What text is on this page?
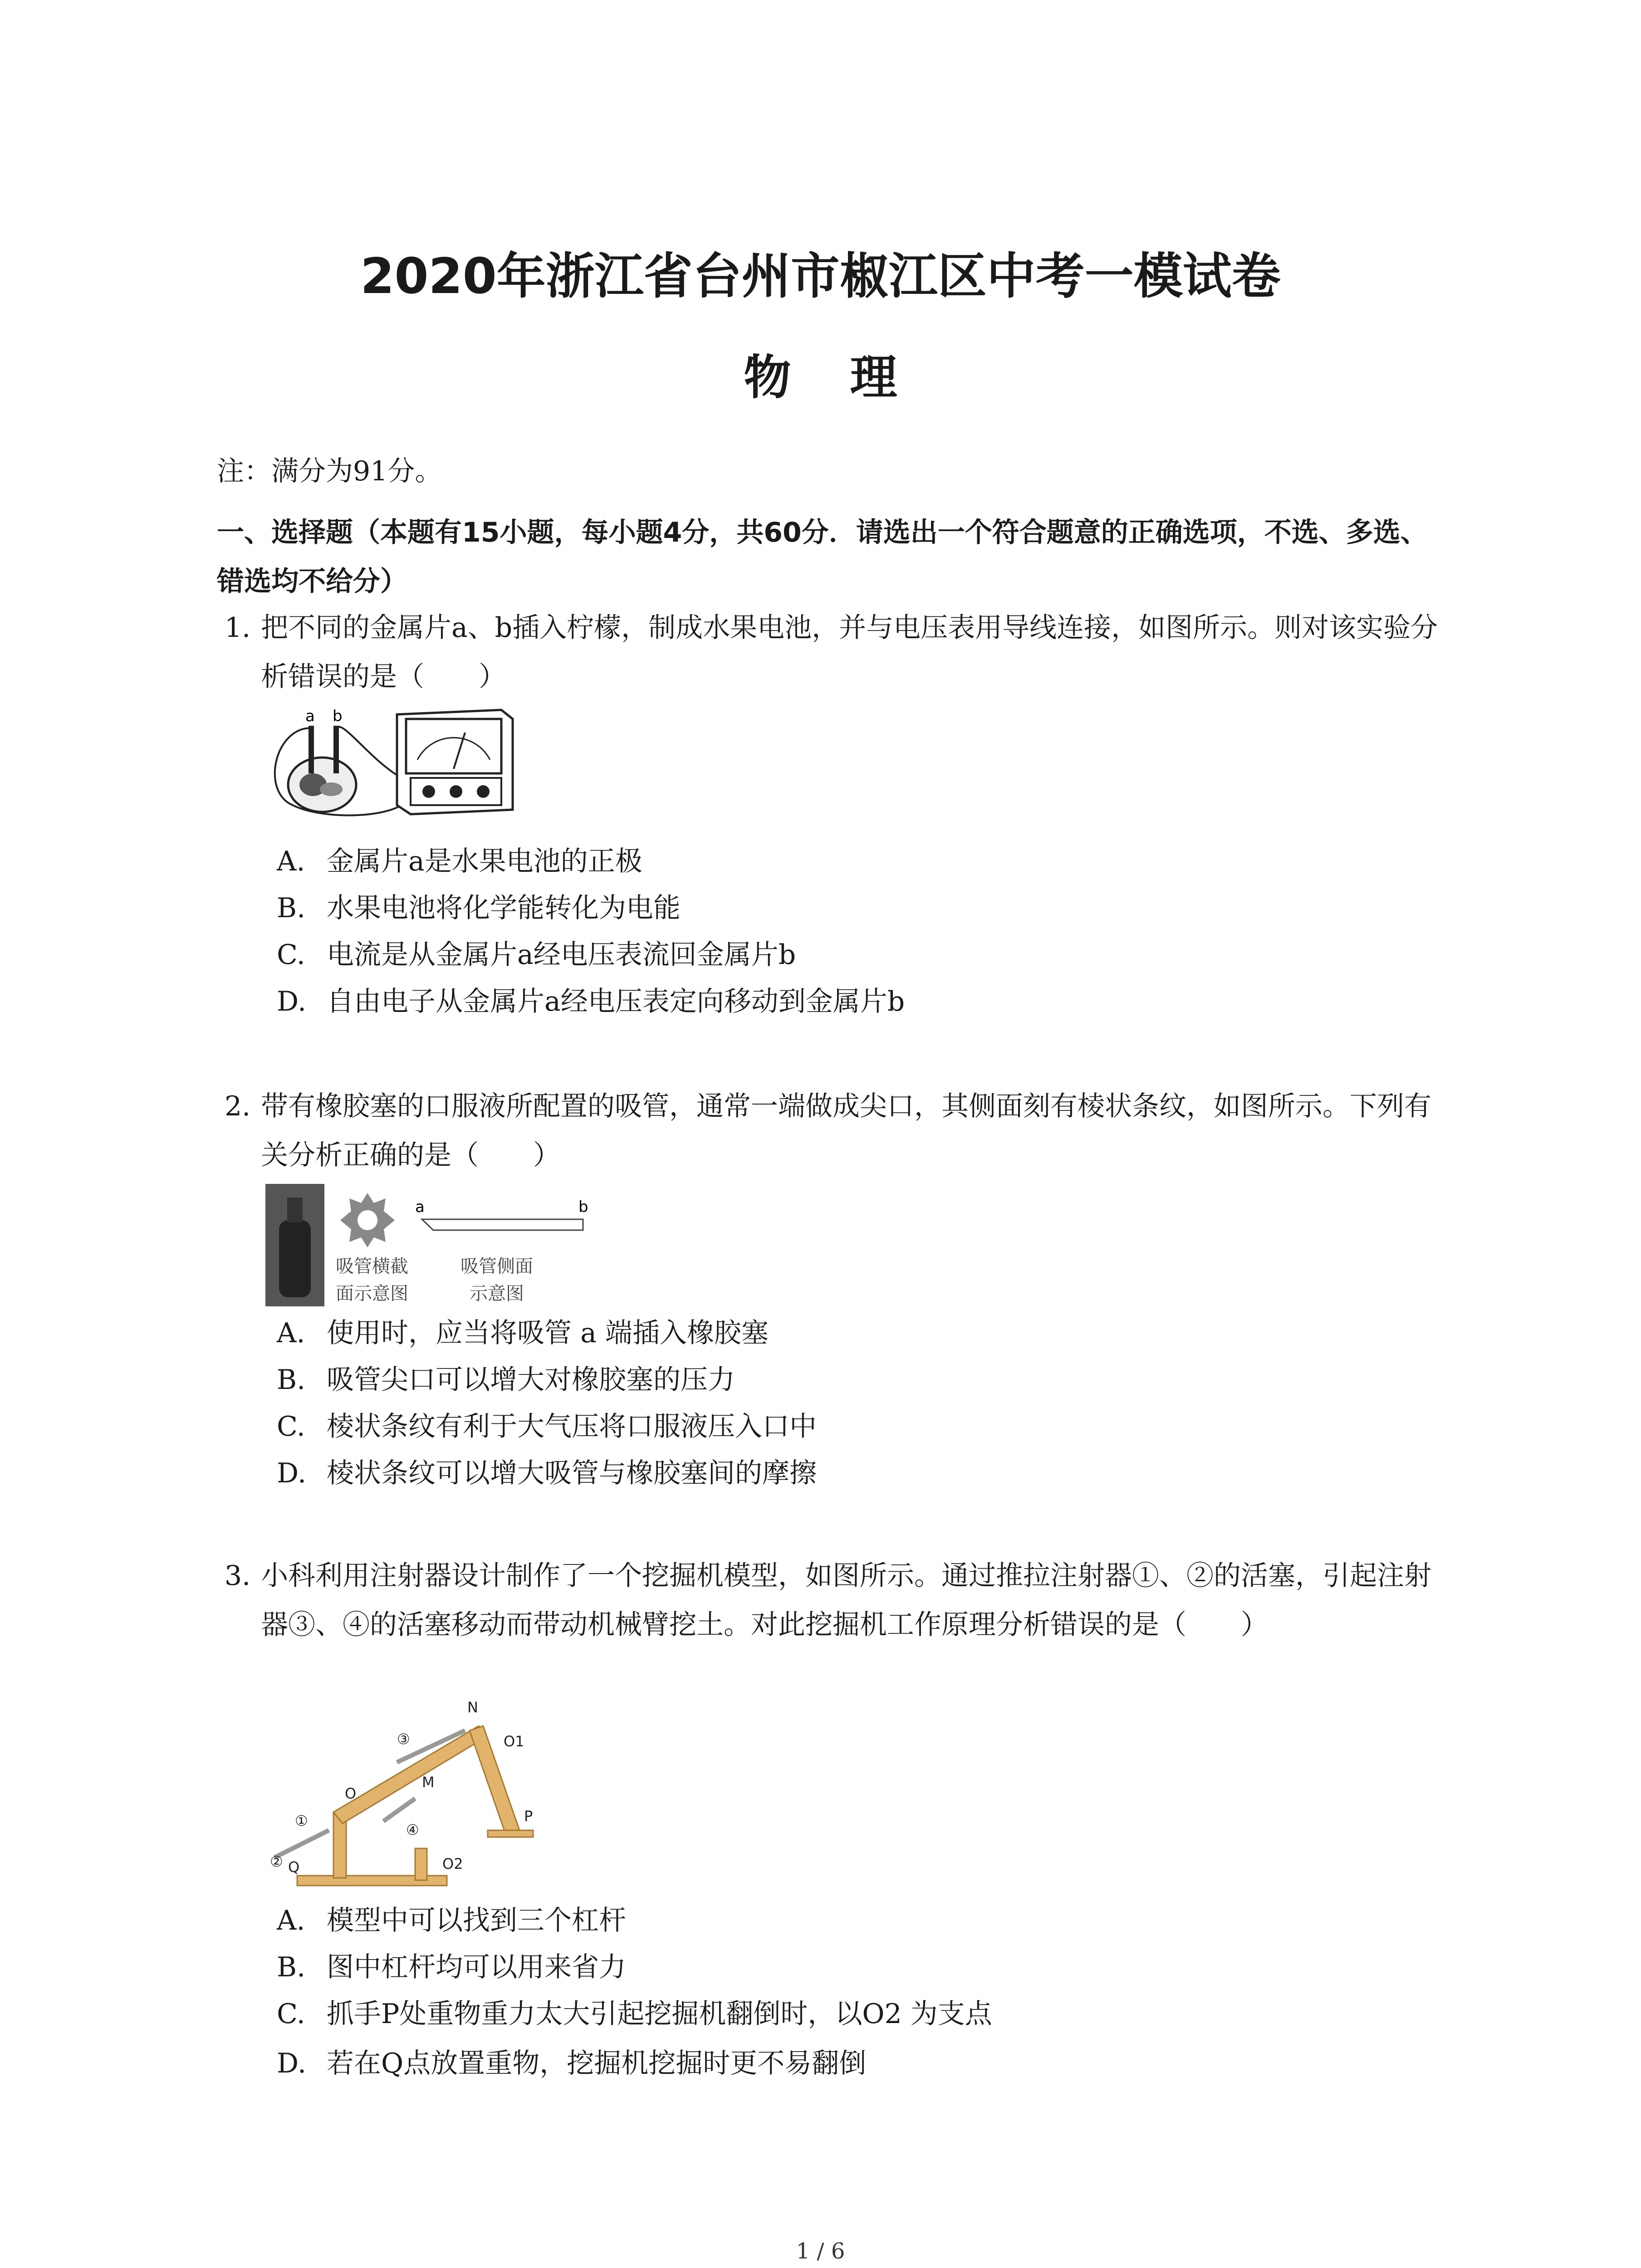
2020年浙江省台州市椒江区中考一模试卷
物理
注：满分为91分。
一、选择题（本题有15小题，每小题4分，共60分．请选出一个符合题意的正确选项，不选、多选、错选均不给分）
1. 把不同的金属片a、b插入柠檬，制成水果电池，并与电压表用导线连接，如图所示。则对该实验分析错误的是（　　）
a b
A. 金属片a是水果电池的正极
B. 水果电池将化学能转化为电能
C. 电流是从金属片a经电压表流回金属片b
D. 自由电子从金属片a经电压表定向移动到金属片b
2. 带有橡胶塞的口服液所配置的吸管，通常一端做成尖口，其侧面刻有棱状条纹，如图所示。下列有关分析正确的是（　　）
吸管横截
面示意图
a	b
吸管侧面
示意图
A. 使用时，应当将吸管 a 端插入橡胶塞
B. 吸管尖口可以增大对橡胶塞的压力
C. 棱状条纹有利于大气压将口服液压入口中
D. 棱状条纹可以增大吸管与橡胶塞间的摩擦
3. 小科利用注射器设计制作了一个挖掘机模型，如图所示。通过推拉注射器①、②的活塞，引起注射器③、④的活塞移动而带动机械臂挖土。对此挖掘机工作原理分析错误的是（　　）
N
③	O1
O
M
①
④
P
② Q	O2
A. 模型中可以找到三个杠杆
B. 图中杠杆均可以用来省力
C. 抓手P处重物重力太大引起挖掘机翻倒时，以O2 为支点
D. 若在Q点放置重物，挖掘机挖掘时更不易翻倒
1 / 6
